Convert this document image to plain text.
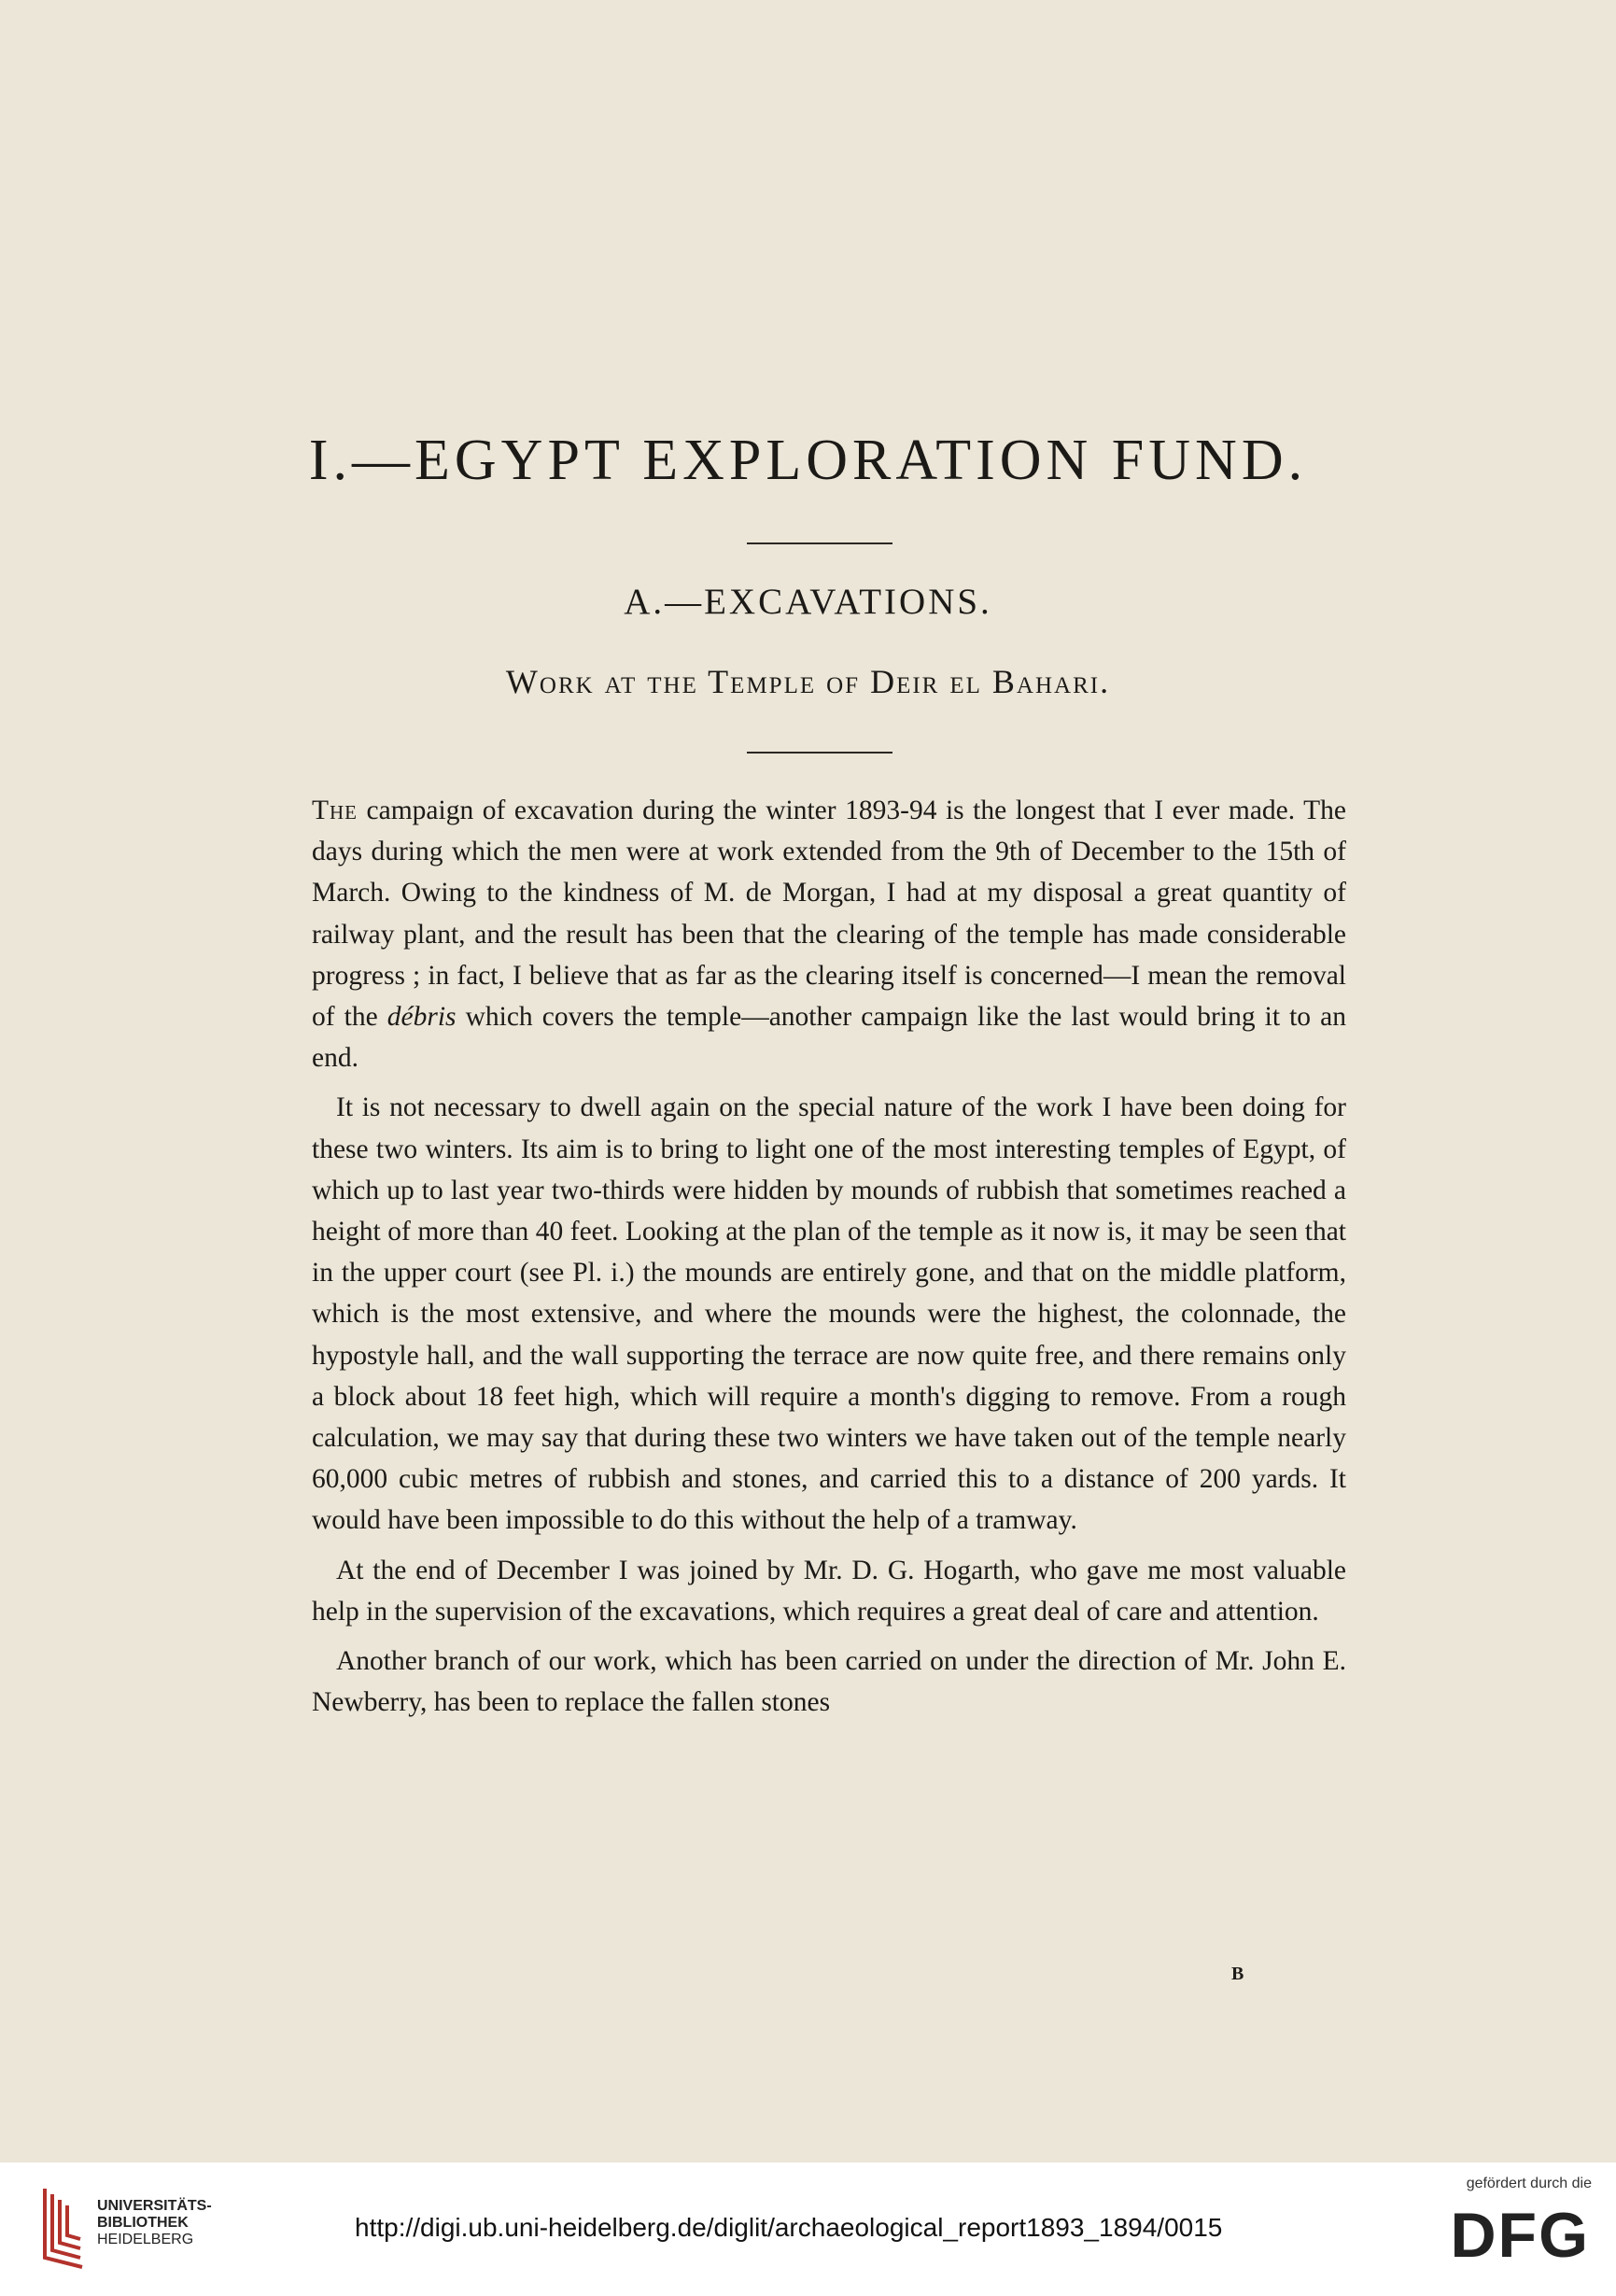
I.—EGYPT EXPLORATION FUND.
A.—EXCAVATIONS.
Work at the Temple of Deir el Bahari.

The campaign of excavation during the winter 1893-94 is the longest that I ever made. The days during which the men were at work extended from the 9th of December to the 15th of March. Owing to the kindness of M. de Morgan, I had at my disposal a great quantity of railway plant, and the result has been that the clearing of the temple has made considerable progress ; in fact, I believe that as far as the clearing itself is concerned—I mean the removal of the débris which covers the temple—another campaign like the last would bring it to an end.

It is not necessary to dwell again on the special nature of the work I have been doing for these two winters. Its aim is to bring to light one of the most interesting temples of Egypt, of which up to last year two-thirds were hidden by mounds of rubbish that sometimes reached a height of more than 40 feet. Looking at the plan of the temple as it now is, it may be seen that in the upper court (see Pl. i.) the mounds are entirely gone, and that on the middle platform, which is the most extensive, and where the mounds were the highest, the colonnade, the hypostyle hall, and the wall supporting the terrace are now quite free, and there remains only a block about 18 feet high, which will require a month's digging to remove. From a rough calculation, we may say that during these two winters we have taken out of the temple nearly 60,000 cubic metres of rubbish and stones, and carried this to a distance of 200 yards. It would have been impossible to do this without the help of a tramway.

At the end of December I was joined by Mr. D. G. Hogarth, who gave me most valuable help in the supervision of the excavations, which requires a great deal of care and attention.

Another branch of our work, which has been carried on under the direction of Mr. John E. Newberry, has been to replace the fallen stones

B
UNIVERSITÄTS-
BIBLIOTHEK
HEIDELBERG	http://digi.ub.uni-heidelberg.de/diglit/archaeological_report1893_1894/0015
gefördert durch die
DFG
